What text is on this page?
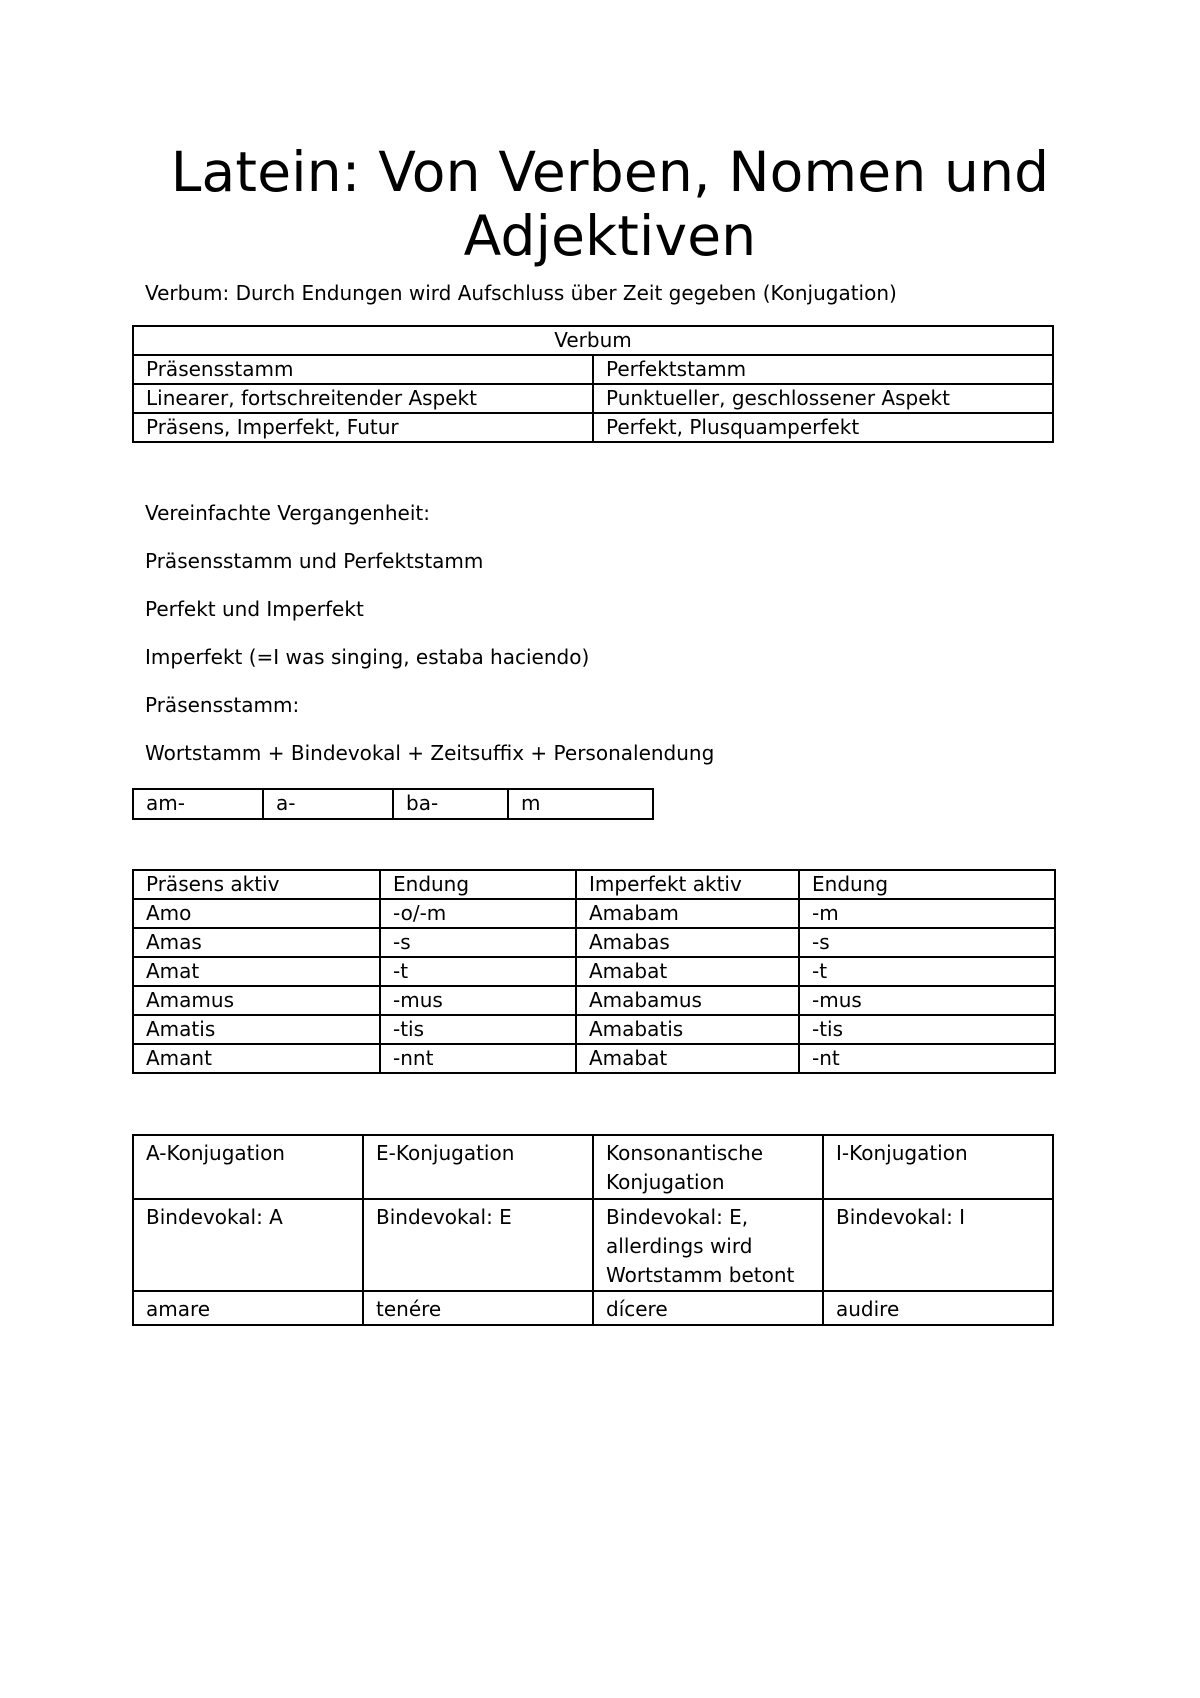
Latein: Von Verben, Nomen und Adjektiven
Verbum: Durch Endungen wird Aufschluss über Zeit gegeben (Konjugation)
Verbum	
Präsensstamm	Perfektstamm
Linearer, fortschreitender Aspekt	Punktueller, geschlossener Aspekt
Präsens, Imperfekt, Futur	Perfekt, Plusquamperfekt
Vereinfachte Vergangenheit:
Präsensstamm und Perfektstamm
Perfekt und Imperfekt
Imperfekt (=I was singing, estaba haciendo)
Präsensstamm:
Wortstamm + Bindevokal + Zeitsuffix + Personalendung
am-	a-	ba-	m
Präsens aktiv	Endung	Imperfekt aktiv	Endung
Amo	-o/-m	Amabam	-m
Amas	-s	Amabas	-s
Amat	-t	Amabat	-t
Amamus	-mus	Amabamus	-mus
Amatis	-tis	Amabatis	-tis
Amant	-nnt	Amabat	-nt
A-Konjugation	E-Konjugation	Konsonantische Konjugation	I-Konjugation
Bindevokal: A	Bindevokal: E	Bindevokal: E, allerdings wird Wortstamm betont	Bindevokal: I
amare	tenére	dícere	audire
